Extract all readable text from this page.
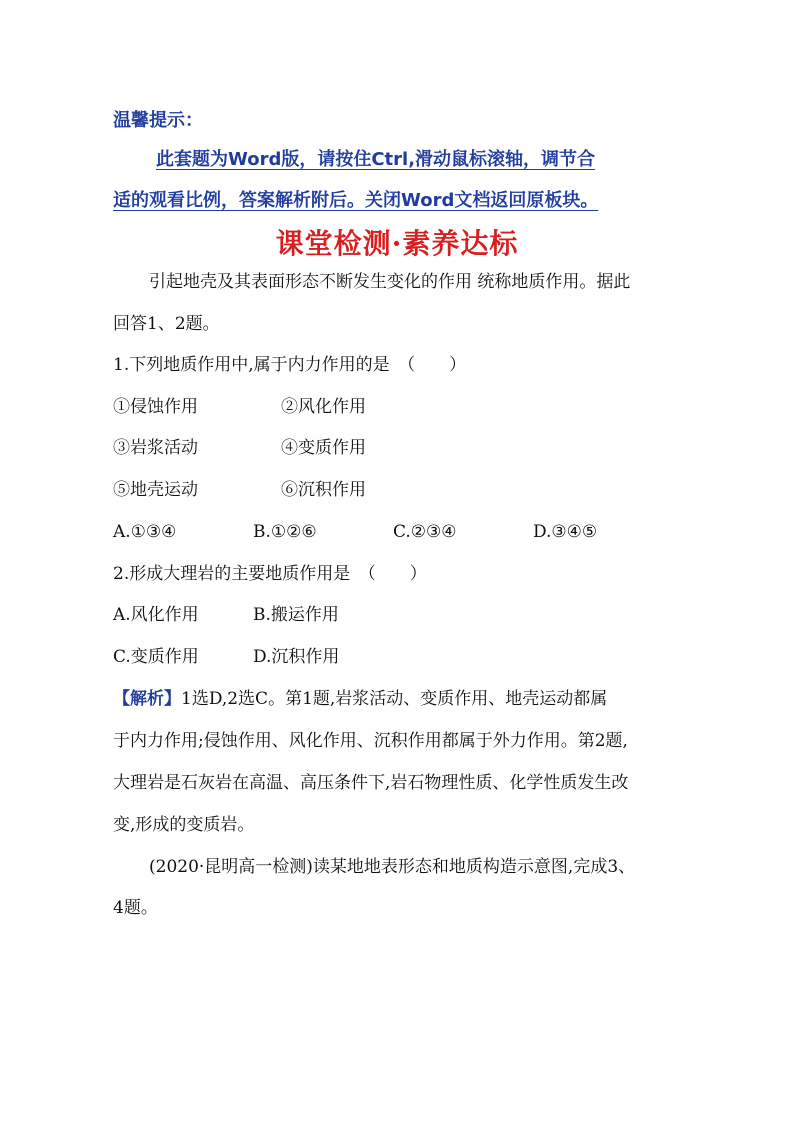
温馨提示：
此套题为Word版，请按住Ctrl,滑动鼠标滚轴，调节合
适的观看比例，答案解析附后。关闭Word文档返回原板块。
课堂检测·素养达标
引起地壳及其表面形态不断发生变化的作用 统称地质作用。据此
回答1、2题。
1.下列地质作用中,属于内力作用的是　（　　）
①侵蚀作用	②风化作用
③岩浆活动	④变质作用
⑤地壳运动	⑥沉积作用
A.①③④	B.①②⑥	C.②③④	D.③④⑤
2.形成大理岩的主要地质作用是　（　　）
A.风化作用	B.搬运作用
C.变质作用	D.沉积作用
【解析】1选D,2选C。第1题,岩浆活动、变质作用、地壳运动都属
于内力作用;侵蚀作用、风化作用、沉积作用都属于外力作用。第2题,
大理岩是石灰岩在高温、高压条件下,岩石物理性质、化学性质发生改
变,形成的变质岩。
(2020·昆明高一检测)读某地地表形态和地质构造示意图,完成3、
4题。
